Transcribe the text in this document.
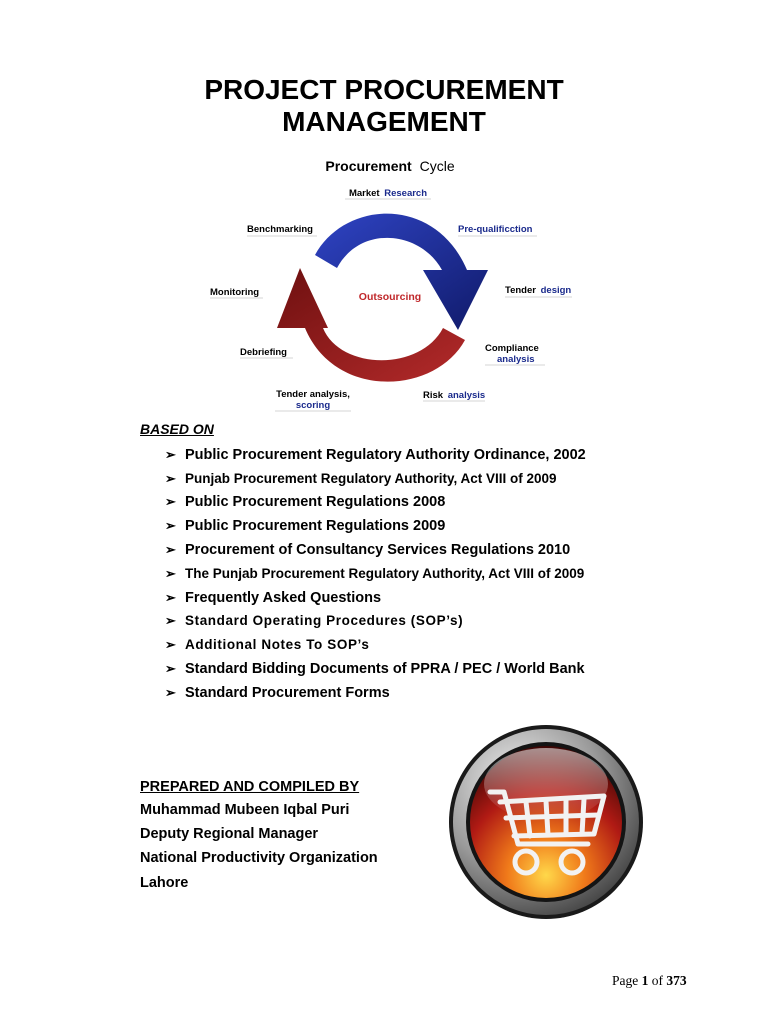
PROJECT PROCUREMENT
MANAGEMENT
Procurement Cycle
Outsourcing
Market Research
Pre-qualificction
Tender design
Compliance
analysis
Risk analysis
Tender analysis,
scoring
Debriefing
Monitoring
Benchmarking
BASED ON
➢ Public Procurement Regulatory Authority Ordinance, 2002
➢ Punjab Procurement Regulatory Authority, Act VIII of 2009
➢ Public Procurement Regulations 2008
➢ Public Procurement Regulations 2009
➢ Procurement of Consultancy Services Regulations 2010
➢ The Punjab Procurement Regulatory Authority, Act VIII of 2009
➢ Frequently Asked Questions
➢ Standard Operating Procedures (SOP’s)
➢ Additional Notes To SOP’s
➢ Standard Bidding Documents of PPRA / PEC / World Bank
➢ Standard Procurement Forms
PREPARED AND COMPILED BY
Muhammad Mubeen Iqbal Puri
Deputy Regional Manager
National Productivity Organization
Lahore
Page 1 of 373
